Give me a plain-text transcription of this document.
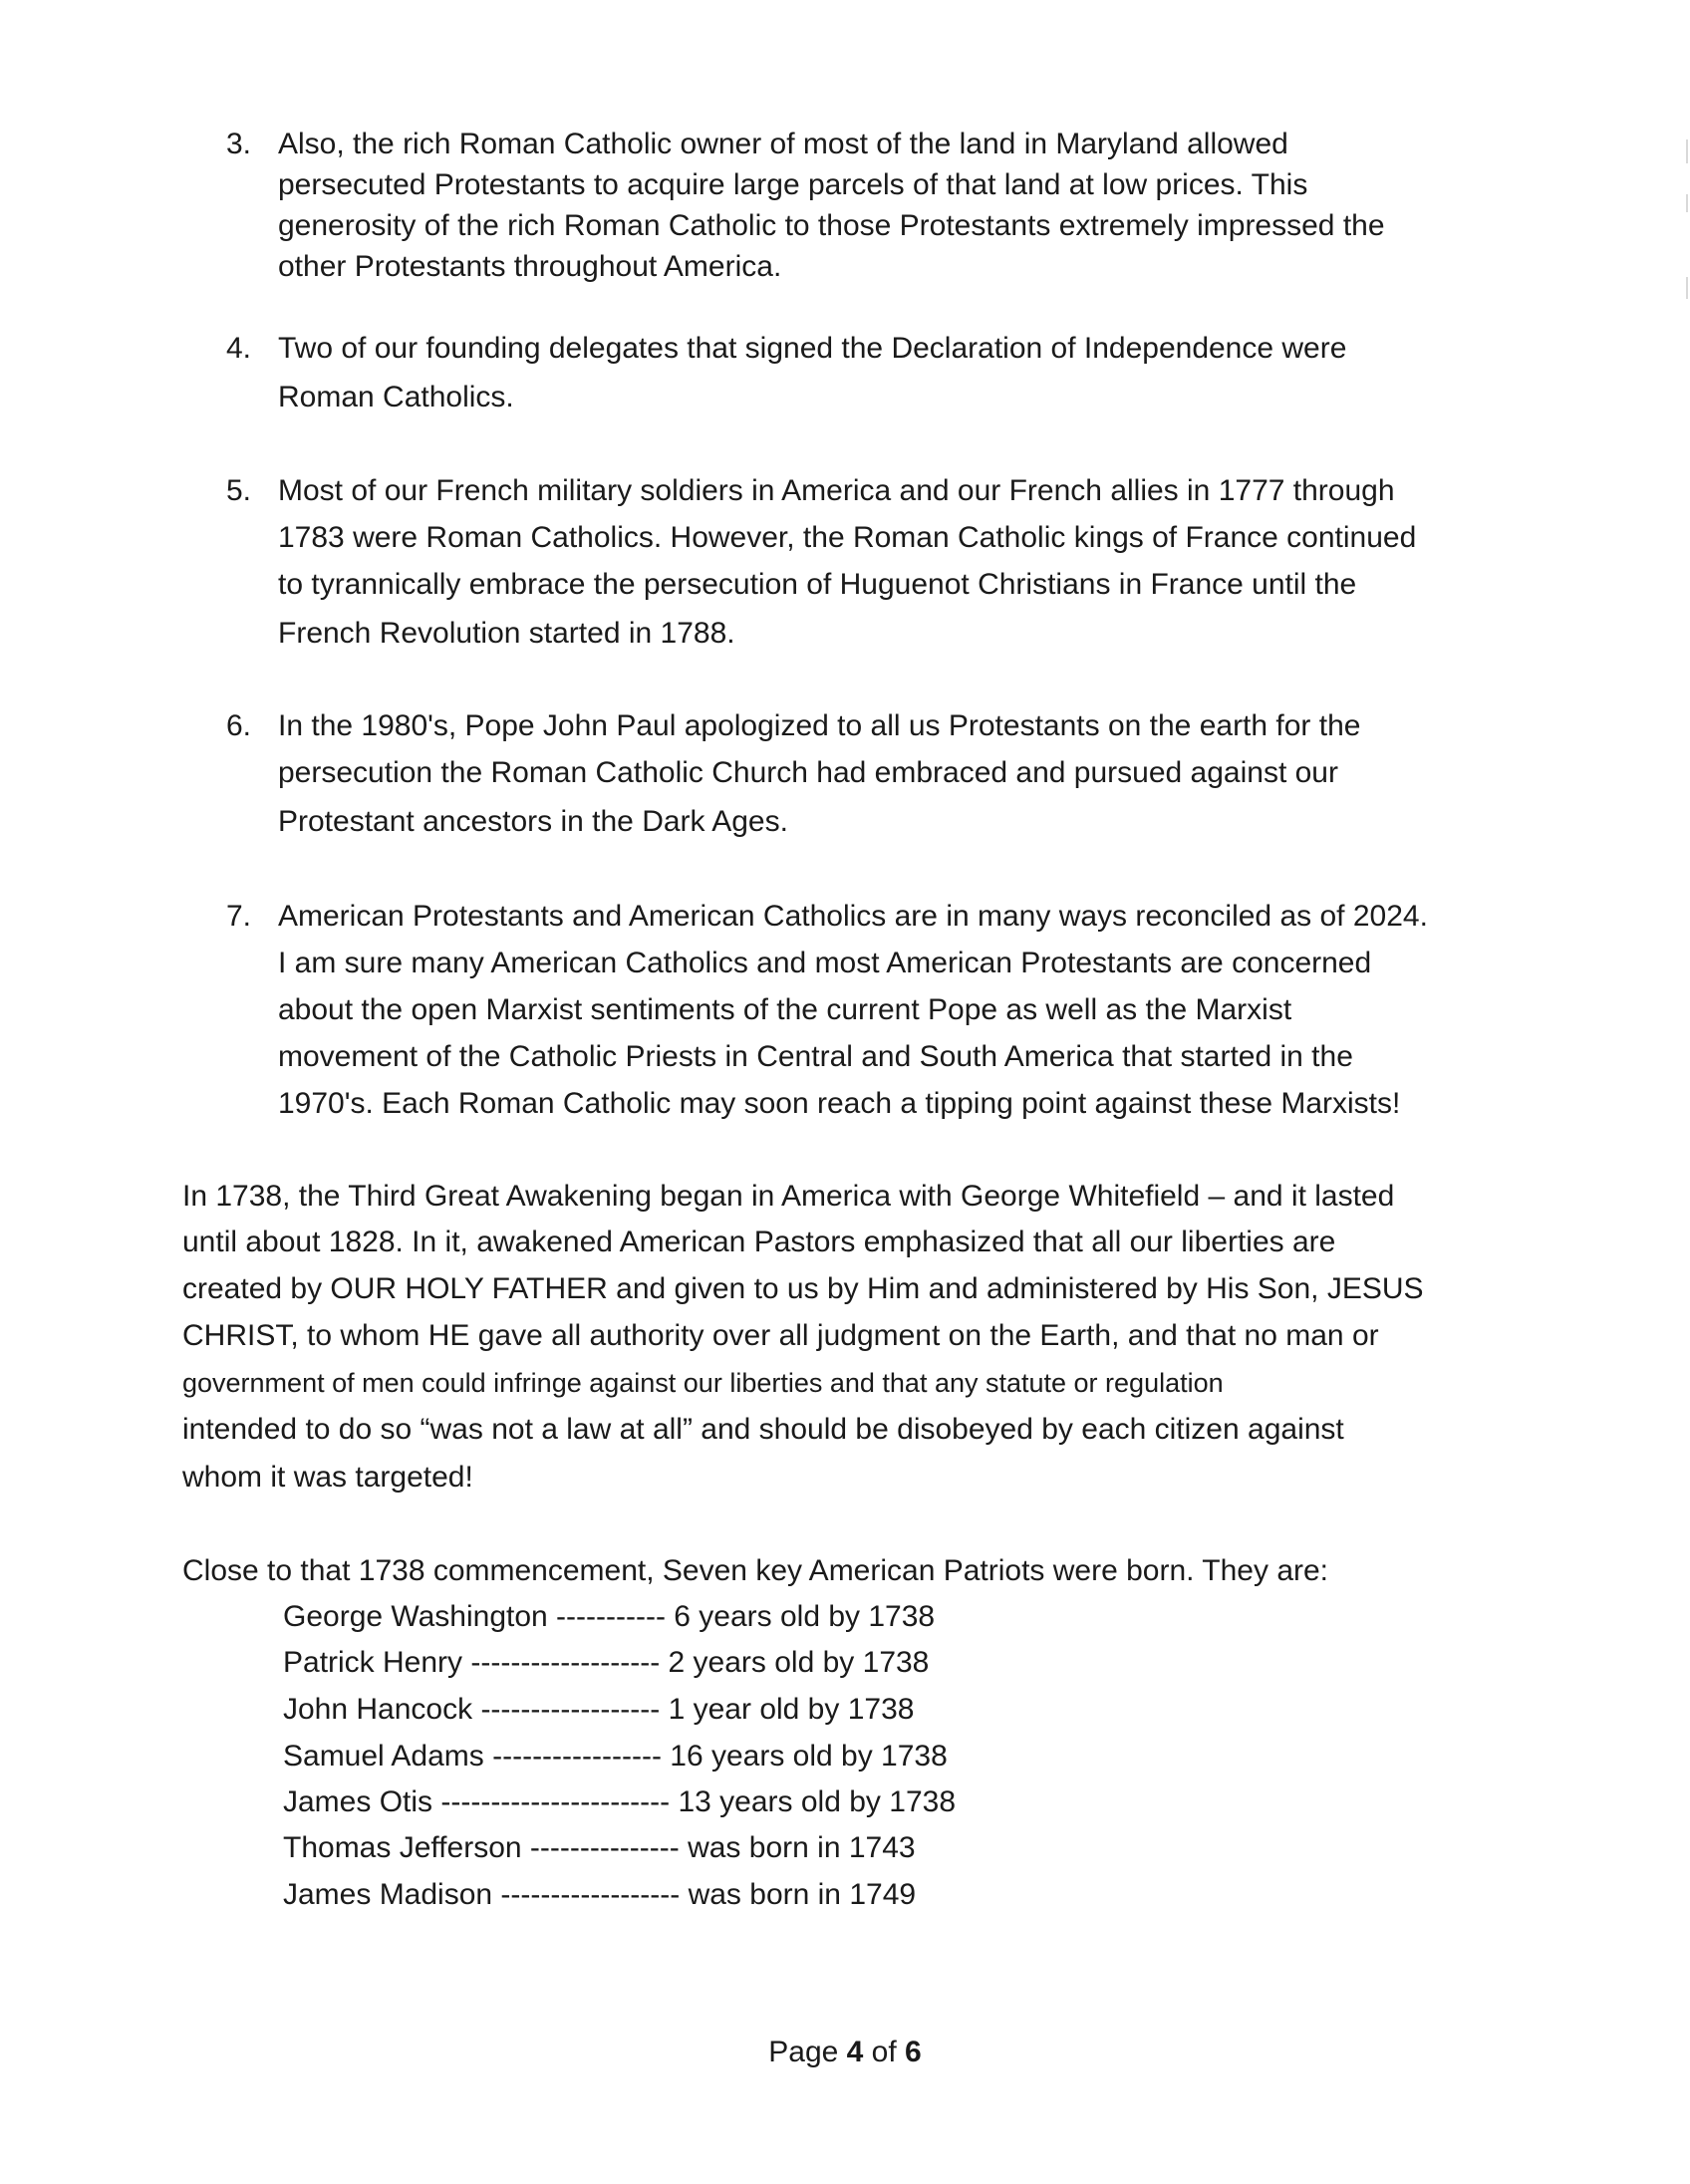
3. Also, the rich Roman Catholic owner of most of the land in Maryland allowed
persecuted Protestants to acquire large parcels of that land at low prices. This
generosity of the rich Roman Catholic to those Protestants extremely impressed the
other Protestants throughout America.
4. Two of our founding delegates that signed the Declaration of Independence were
Roman Catholics.
5. Most of our French military soldiers in America and our French allies in 1777 through
1783 were Roman Catholics. However, the Roman Catholic kings of France continued
to tyrannically embrace the persecution of Huguenot Christians in France until the
French Revolution started in 1788.
6. In the 1980's, Pope John Paul apologized to all us Protestants on the earth for the
persecution the Roman Catholic Church had embraced and pursued against our
Protestant ancestors in the Dark Ages.
7. American Protestants and American Catholics are in many ways reconciled as of 2024.
I am sure many American Catholics and most American Protestants are concerned
about the open Marxist sentiments of the current Pope as well as the Marxist
movement of the Catholic Priests in Central and South America that started in the
1970's. Each Roman Catholic may soon reach a tipping point against these Marxists!
In 1738, the Third Great Awakening began in America with George Whitefield – and it lasted
until about 1828. In it, awakened American Pastors emphasized that all our liberties are
created by OUR HOLY FATHER and given to us by Him and administered by His Son, JESUS
CHRIST, to whom HE gave all authority over all judgment on the Earth, and that no man or
government of men could infringe against our liberties and that any statute or regulation
intended to do so “was not a law at all” and should be disobeyed by each citizen against
whom it was targeted!
Close to that 1738 commencement, Seven key American Patriots were born. They are:
George Washington ----------- 6 years old by 1738
Patrick Henry ------------------- 2 years old by 1738
John Hancock ------------------ 1 year old by 1738
Samuel Adams ----------------- 16 years old by 1738
James Otis ----------------------- 13 years old by 1738
Thomas Jefferson --------------- was born in 1743
James Madison ------------------ was born in 1749
Page 4 of 6
